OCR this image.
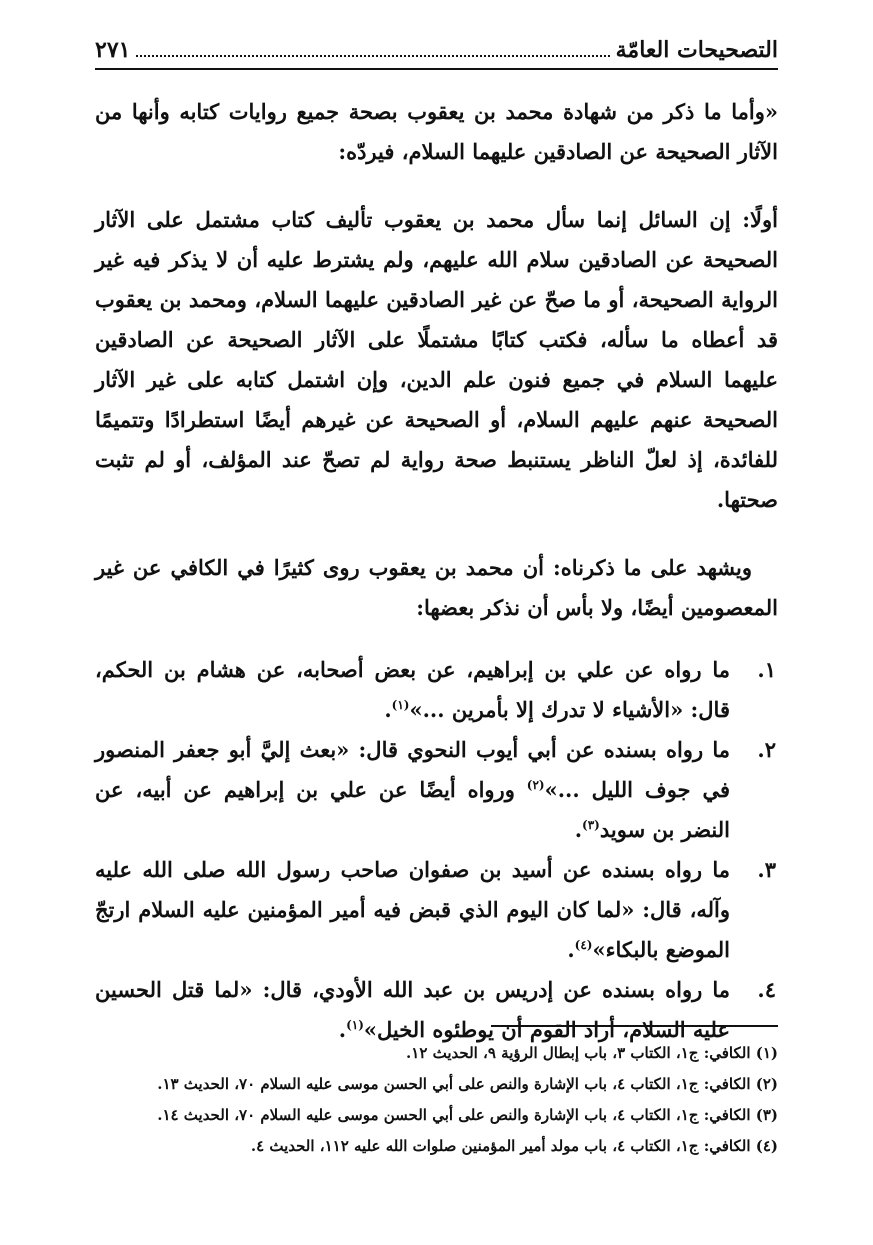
التصحيحات العامّة
٢٧١

«وأما ما ذكر من شهادة محمد بن يعقوب بصحة جميع روايات كتابه وأنها من الآثار الصحيحة عن الصادقين عليهما السلام، فيردّه:

أولًا: إن السائل إنما سأل محمد بن يعقوب تأليف كتاب مشتمل على الآثار الصحيحة عن الصادقين سلام الله عليهم، ولم يشترط عليه أن لا يذكر فيه غير الرواية الصحيحة، أو ما صحّ عن غير الصادقين عليهما السلام، ومحمد بن يعقوب قد أعطاه ما سأله، فكتب كتابًا مشتملًا على الآثار الصحيحة عن الصادقين عليهما السلام في جميع فنون علم الدين، وإن اشتمل كتابه على غير الآثار الصحيحة عنهم عليهم السلام، أو الصحيحة عن غيرهم أيضًا استطرادًا وتتميمًا للفائدة، إذ لعلّ الناظر يستنبط صحة رواية لم تصحّ عند المؤلف، أو لم تثبت صحتها.

ويشهد على ما ذكرناه: أن محمد بن يعقوب روى كثيرًا في الكافي عن غير المعصومين أيضًا، ولا بأس أن نذكر بعضها:

١.
ما رواه عن علي بن إبراهيم، عن بعض أصحابه، عن هشام بن الحكم، قال: «الأشياء لا تدرك إلا بأمرين ...»$^{(١)}$.
٢.
ما رواه بسنده عن أبي أيوب النحوي قال: «بعث إليَّ أبو جعفر المنصور في جوف الليل ...»$^{(٢)}$ ورواه أيضًا عن علي بن إبراهيم عن أبيه، عن النضر بن سويد$^{(٣)}$.
٣.
ما رواه بسنده عن أسيد بن صفوان صاحب رسول الله صلى الله عليه وآله، قال: «لما كان اليوم الذي قبض فيه أمير المؤمنين عليه السلام ارتجّ الموضع بالبكاء»$^{(٤)}$.
٤.
ما رواه بسنده عن إدريس بن عبد الله الأودي، قال: «لما قتل الحسين عليه السلام، أراد القوم أن يوطئوه الخيل»$^{(١)}$.
(١) الكافي: ج١، الكتاب ٣، باب إبطال الرؤية ٩، الحديث ١٢.
(٢) الكافي: ج١، الكتاب ٤، باب الإشارة والنص على أبي الحسن موسى عليه السلام ٧٠، الحديث ١٣.
(٣) الكافي: ج١، الكتاب ٤، باب الإشارة والنص على أبي الحسن موسى عليه السلام ٧٠، الحديث ١٤.
(٤) الكافي: ج١، الكتاب ٤، باب مولد أمير المؤمنين صلوات الله عليه ١١٢، الحديث ٤.
